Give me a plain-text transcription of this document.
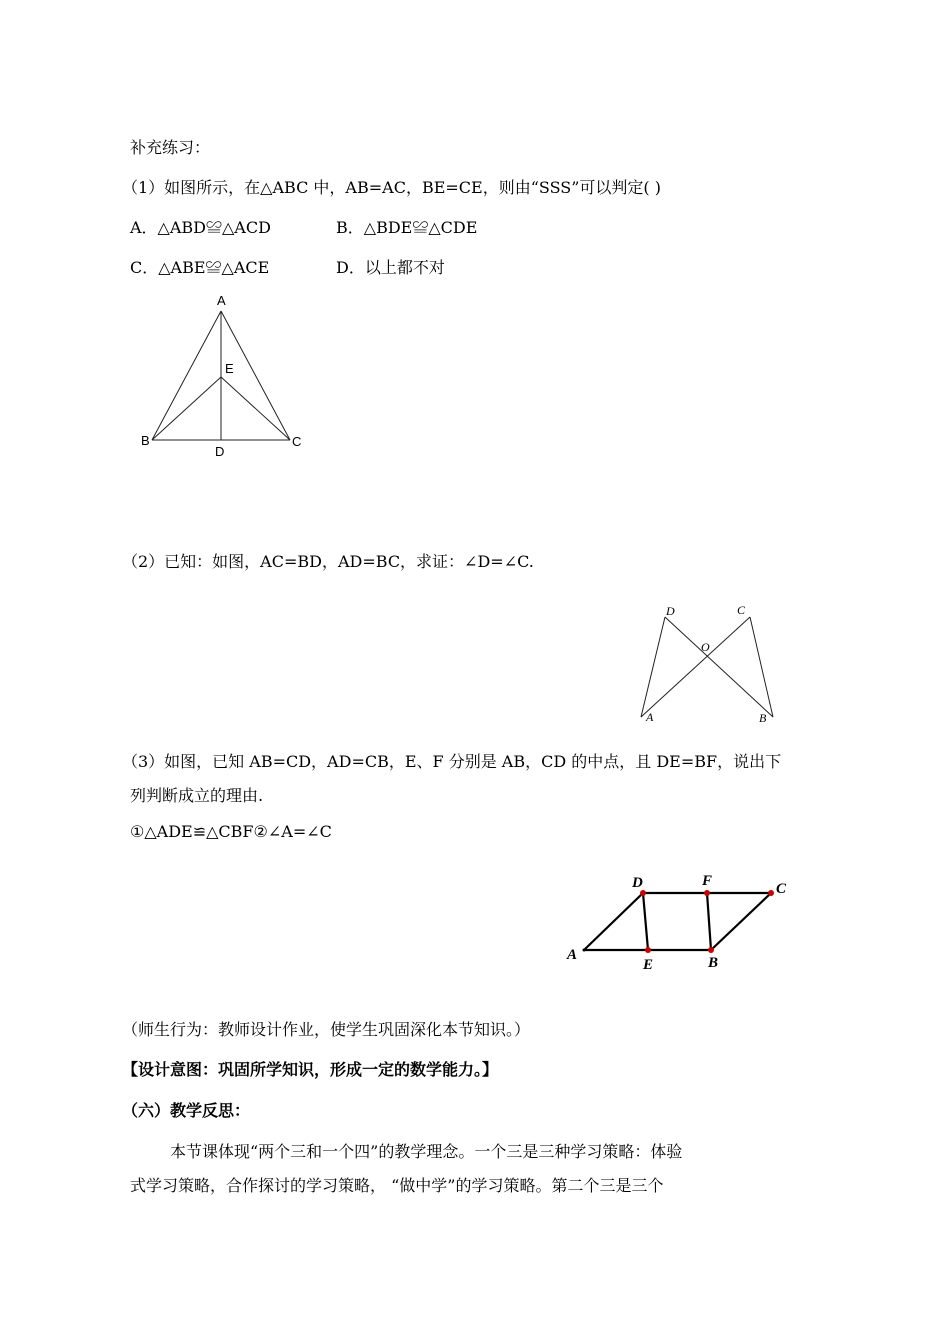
补充练习：
（1）如图所示，在△ABC 中，AB=AC，BE=CE，则由“SSS”可以判定( )
A．△ABD≌△ACD	B．△BDE≌△CDE
C．△ABE≌△ACE	D．以上都不对
A
E
B	C
D
（2）已知：如图，AC=BD，AD=BC，求证：∠D=∠C.
D	C
O
A	B
（3）如图，已知 AB=CD，AD=CB，E、F 分别是 AB，CD 的中点，且 DE=BF，说出下
列判断成立的理由.
①△ADE≌△CBF②∠A=∠C
D	F	C
A
E	B
（师生行为：教师设计作业，使学生巩固深化本节知识。）
【设计意图：巩固所学知识，形成一定的数学能力。】
（六）教学反思：
本节课体现“两个三和一个四”的教学理念。一个三是三种学习策略：体验
式学习策略，合作探讨的学习策略， “做中学”的学习策略。第二个三是三个
